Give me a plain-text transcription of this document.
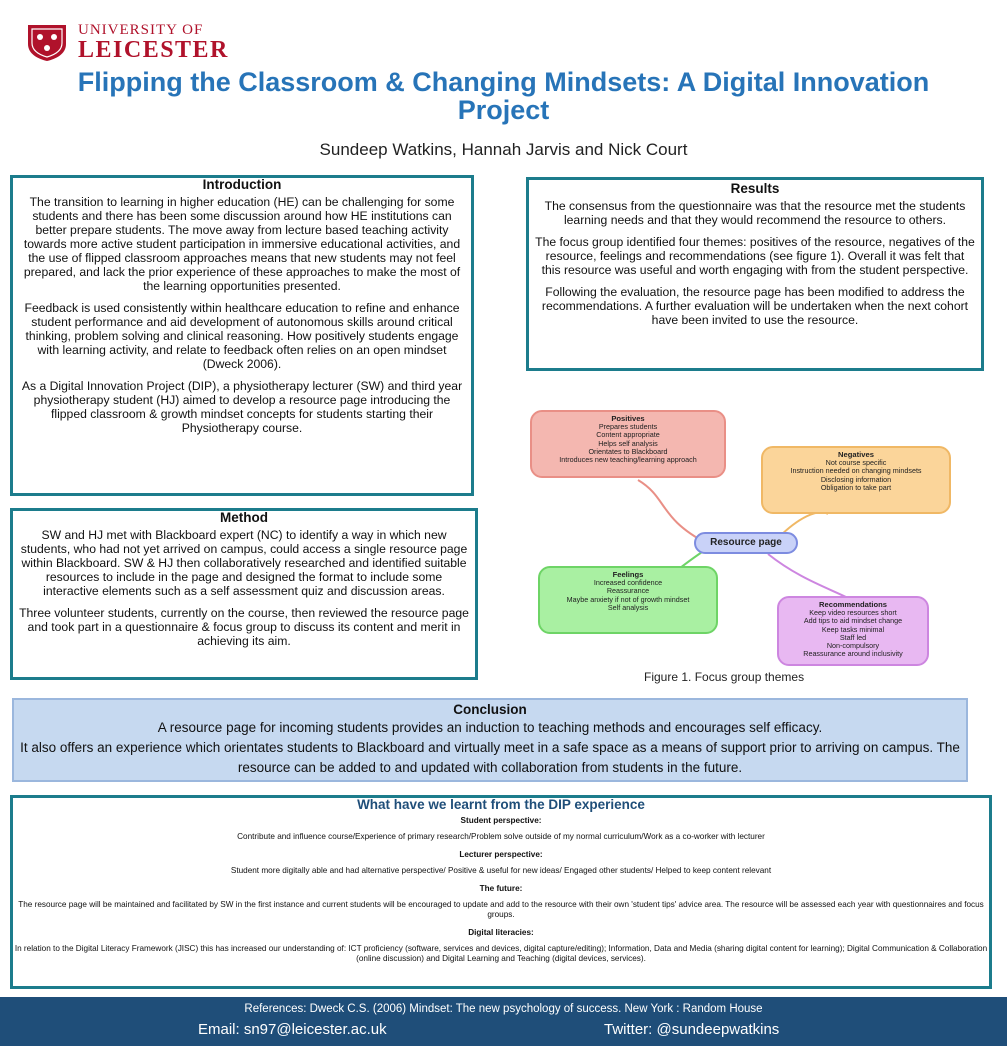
UNIVERSITY OF
LEICESTER
Flipping the Classroom & Changing Mindsets: A Digital Innovation Project
Sundeep Watkins, Hannah Jarvis and Nick Court
Introduction

The transition to learning in higher education (HE) can be challenging for some students and there has been some discussion around how HE institutions can better prepare students. The move away from lecture based teaching activity towards more active student participation in immersive educational activities, and the use of flipped classroom approaches means that new students may not feel prepared, and lack the prior experience of these approaches to make the most of the learning opportunities presented.

Feedback is used consistently within healthcare education to refine and enhance student performance and aid development of autonomous skills around critical thinking, problem solving and clinical reasoning. How positively students engage with learning activity, and relate to feedback often relies on an open mindset (Dweck 2006).

As a Digital Innovation Project (DIP), a physiotherapy lecturer (SW) and third year physiotherapy student (HJ) aimed to develop a resource page introducing the flipped classroom & growth mindset concepts for students starting their Physiotherapy course.

Method

SW and HJ met with Blackboard expert (NC) to identify a way in which new students, who had not yet arrived on campus, could access a single resource page within Blackboard. SW & HJ then collaboratively researched and identified suitable resources to include in the page and designed the format to include some interactive elements such as a self assessment quiz and discussion areas.

Three volunteer students, currently on the course, then reviewed the resource page and took part in a questionnaire & focus group to discuss its content and merit in achieving its aim.

Results

The consensus from the questionnaire was that the resource met the students learning needs and that they would recommend the resource to others.

The focus group identified four themes: positives of the resource, negatives of the resource, feelings and recommendations (see figure 1). Overall it was felt that this resource was useful and worth engaging with from the student perspective.

Following the evaluation, the resource page has been modified to address the recommendations. A further evaluation will be undertaken when the next cohort have been invited to use the resource.

Positives
Prepares students
Content appropriate
Helps self analysis
Orientates to Blackboard
Introduces new teaching/learning approach
Negatives
Not course specific
Instruction needed on changing mindsets
Disclosing information
Obligation to take part
Resource page
Feelings
Increased confidence
Reassurance
Maybe anxiety if not of growth mindset
Self analysis	Recommendations
Keep video resources short
Add tips to aid mindset change
Keep tasks minimal
Staff led
Non-compulsory
Reassurance around inclusivity
Figure 1. Focus group themes
Conclusion

A resource page for incoming students provides an induction to teaching methods and encourages self efficacy.

It also offers an experience which orientates students to Blackboard and virtually meet in a safe space as a means of support prior to arriving on campus. The resource can be added to and updated with collaboration from students in the future.

What have we learnt from the DIP experience
Student perspective:
Contribute and influence course/Experience of primary research/Problem solve outside of my normal curriculum/Work as a co-worker with lecturer
Lecturer perspective:
Student more digitally able and had alternative perspective/ Positive & useful for new ideas/ Engaged other students/ Helped to keep content relevant
The future:
The resource page will be maintained and facilitated by SW in the first instance and current students will be encouraged to update and add to the resource with their own 'student tips' advice area. The resource will be assessed each year with questionnaires and focus groups.
Digital literacies:
In relation to the Digital Literacy Framework (JISC) this has increased our understanding of: ICT proficiency (software, services and devices, digital capture/editing); Information, Data and Media (sharing digital content for learning); Digital Communication & Collaboration (online discussion) and Digital Learning and Teaching (digital devices, services).
References: Dweck C.S. (2006) Mindset: The new psychology of success. New York : Random House
Email: sn97@leicester.ac.uk	Twitter: @sundeepwatkins
